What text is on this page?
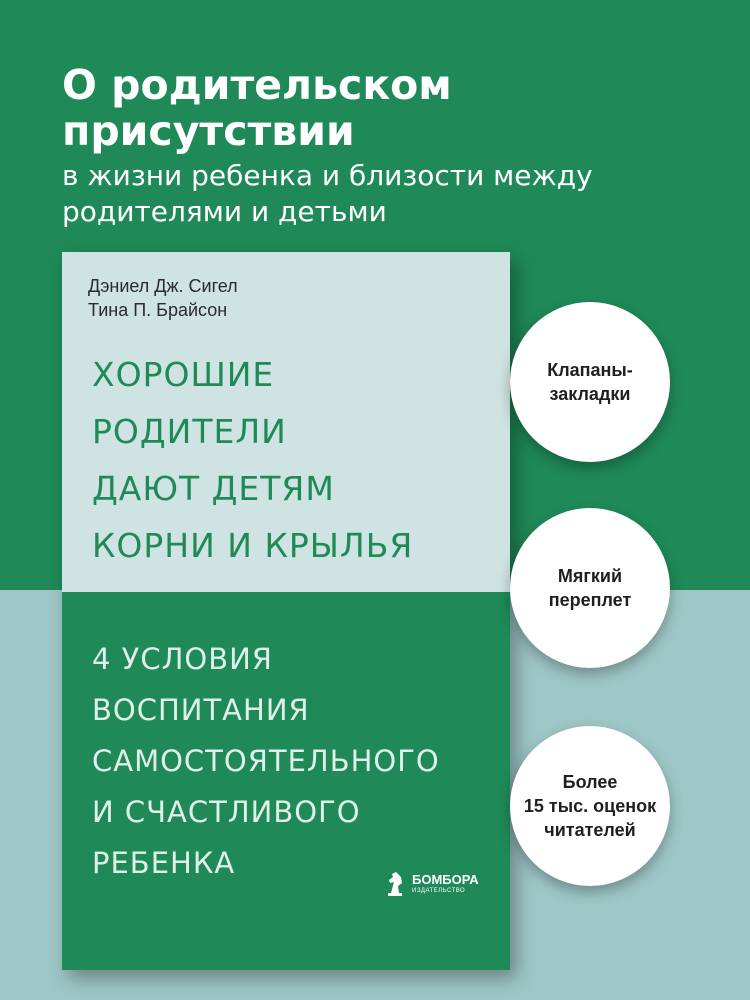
О родительском
присутствии
в жизни ребенка и близости между
родителями и детьми
Дэниел Дж. Сигел
Тина П. Брайсон
ХОРОШИЕ
РОДИТЕЛИ
ДАЮТ ДЕТЯМ
КОРНИ И КРЫЛЬЯ
4 УСЛОВИЯ
ВОСПИТАНИЯ
САМОСТОЯТЕЛЬНОГО
И СЧАСТЛИВОГО
РЕБЕНКА	БОМБОРА
ИЗДАТЕЛЬСТВО
Клапаны-
закладки
Мягкий
переплет
Более
15 тыс. оценок
читателей
